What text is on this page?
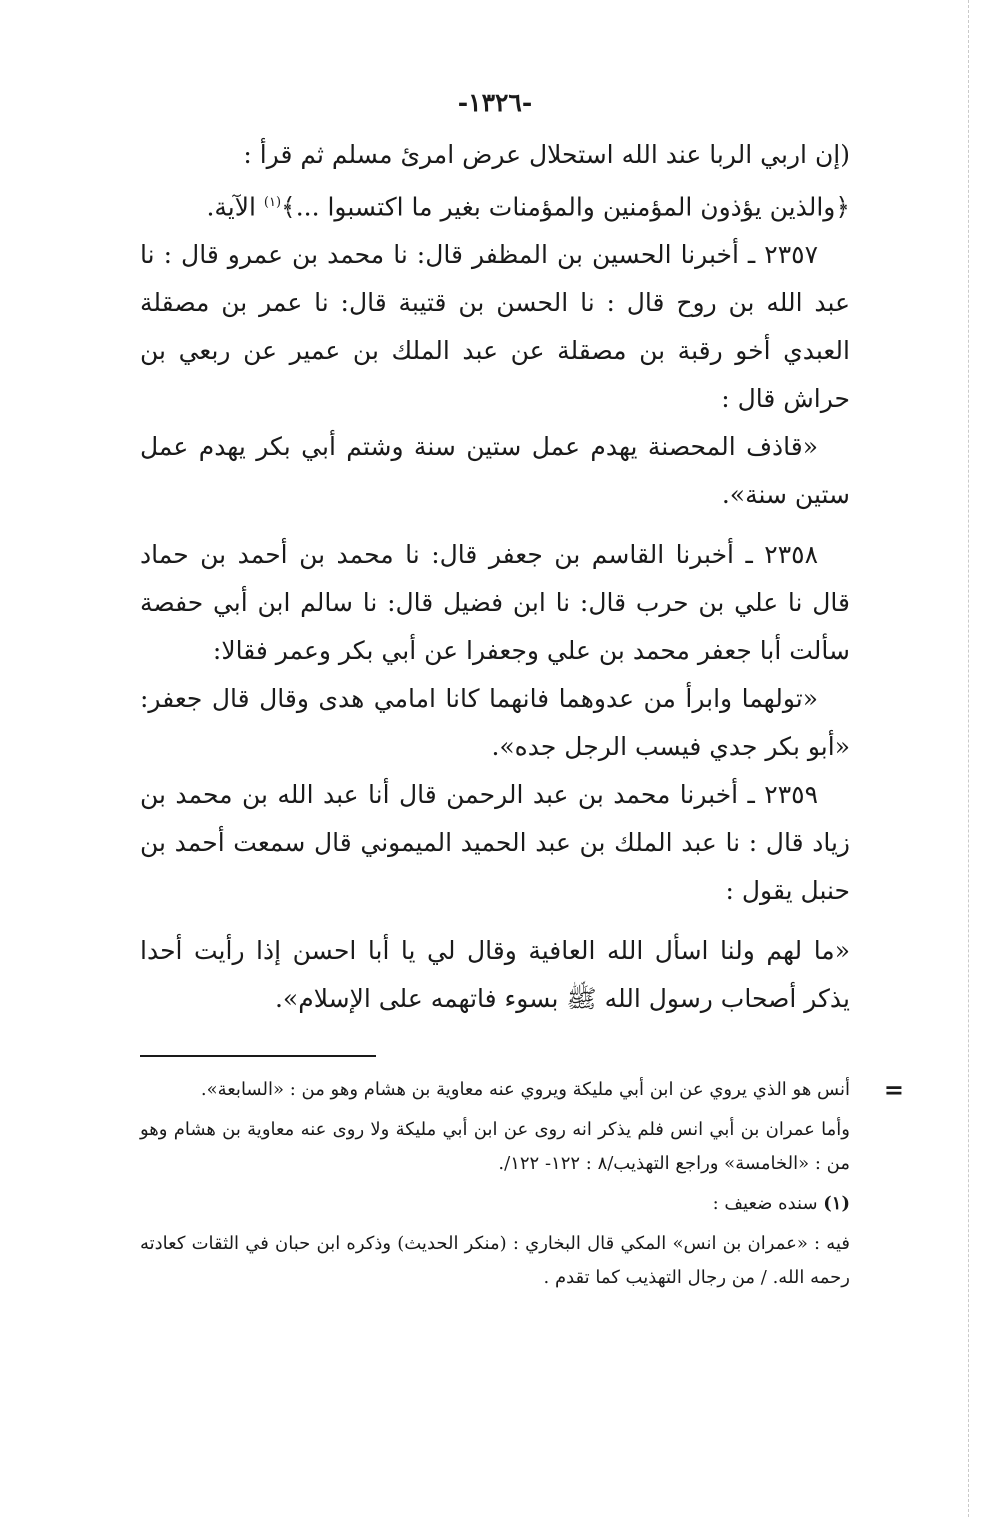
-١٣٢٦-

(إن اربي الربا عند الله استحلال عرض امرئ مسلم ثم قرأ :

﴿والذين يؤذون المؤمنين والمؤمنات بغير ما اكتسبوا ...﴾$^{(١)}$ الآية.

٢٣٥٧ ـ أخبرنا الحسين بن المظفر قال: نا محمد بن عمرو قال : نا عبد الله بن روح قال : نا الحسن بن قتيبة قال: نا عمر بن مصقلة العبدي أخو رقبة بن مصقلة عن عبد الملك بن عمير عن ربعي بن حراش قال :

«قاذف المحصنة يهدم عمل ستين سنة وشتم أبي بكر يهدم عمل ستين سنة».

٢٣٥٨ ـ أخبرنا القاسم بن جعفر قال: نا محمد بن أحمد بن حماد قال نا علي بن حرب قال: نا ابن فضيل قال: نا سالم ابن أبي حفصة سألت أبا جعفر محمد بن علي وجعفرا عن أبي بكر وعمر فقالا:

«تولهما وابرأ من عدوهما فانهما كانا امامي هدى وقال قال جعفر: «أبو بكر جدي فيسب الرجل جده».

٢٣٥٩ ـ أخبرنا محمد بن عبد الرحمن قال أنا عبد الله بن محمد بن زياد قال : نا عبد الملك بن عبد الحميد الميموني قال سمعت أحمد بن حنبل يقول :

«ما لهم ولنا اسأل الله العافية وقال لي يا أبا احسن إذا رأيت أحدا يذكر أصحاب رسول الله ﷺ بسوء فاتهمه على الإسلام».

=
أنس هو الذي يروي عن ابن أبي مليكة ويروي عنه معاوية بن هشام وهو من : «السابعة».

وأما عمران بن أبي انس فلم يذكر انه روى عن ابن أبي مليكة ولا روى عنه معاوية بن هشام وهو من : «الخامسة» وراجع التهذيب/٨ : ١٢٢- ١٢٢/.

(١) سنده ضعيف :

فيه : «عمران بن انس» المكي قال البخاري : (منكر الحديث) وذكره ابن حبان في الثقات كعادته رحمه الله. / من رجال التهذيب كما تقدم .
